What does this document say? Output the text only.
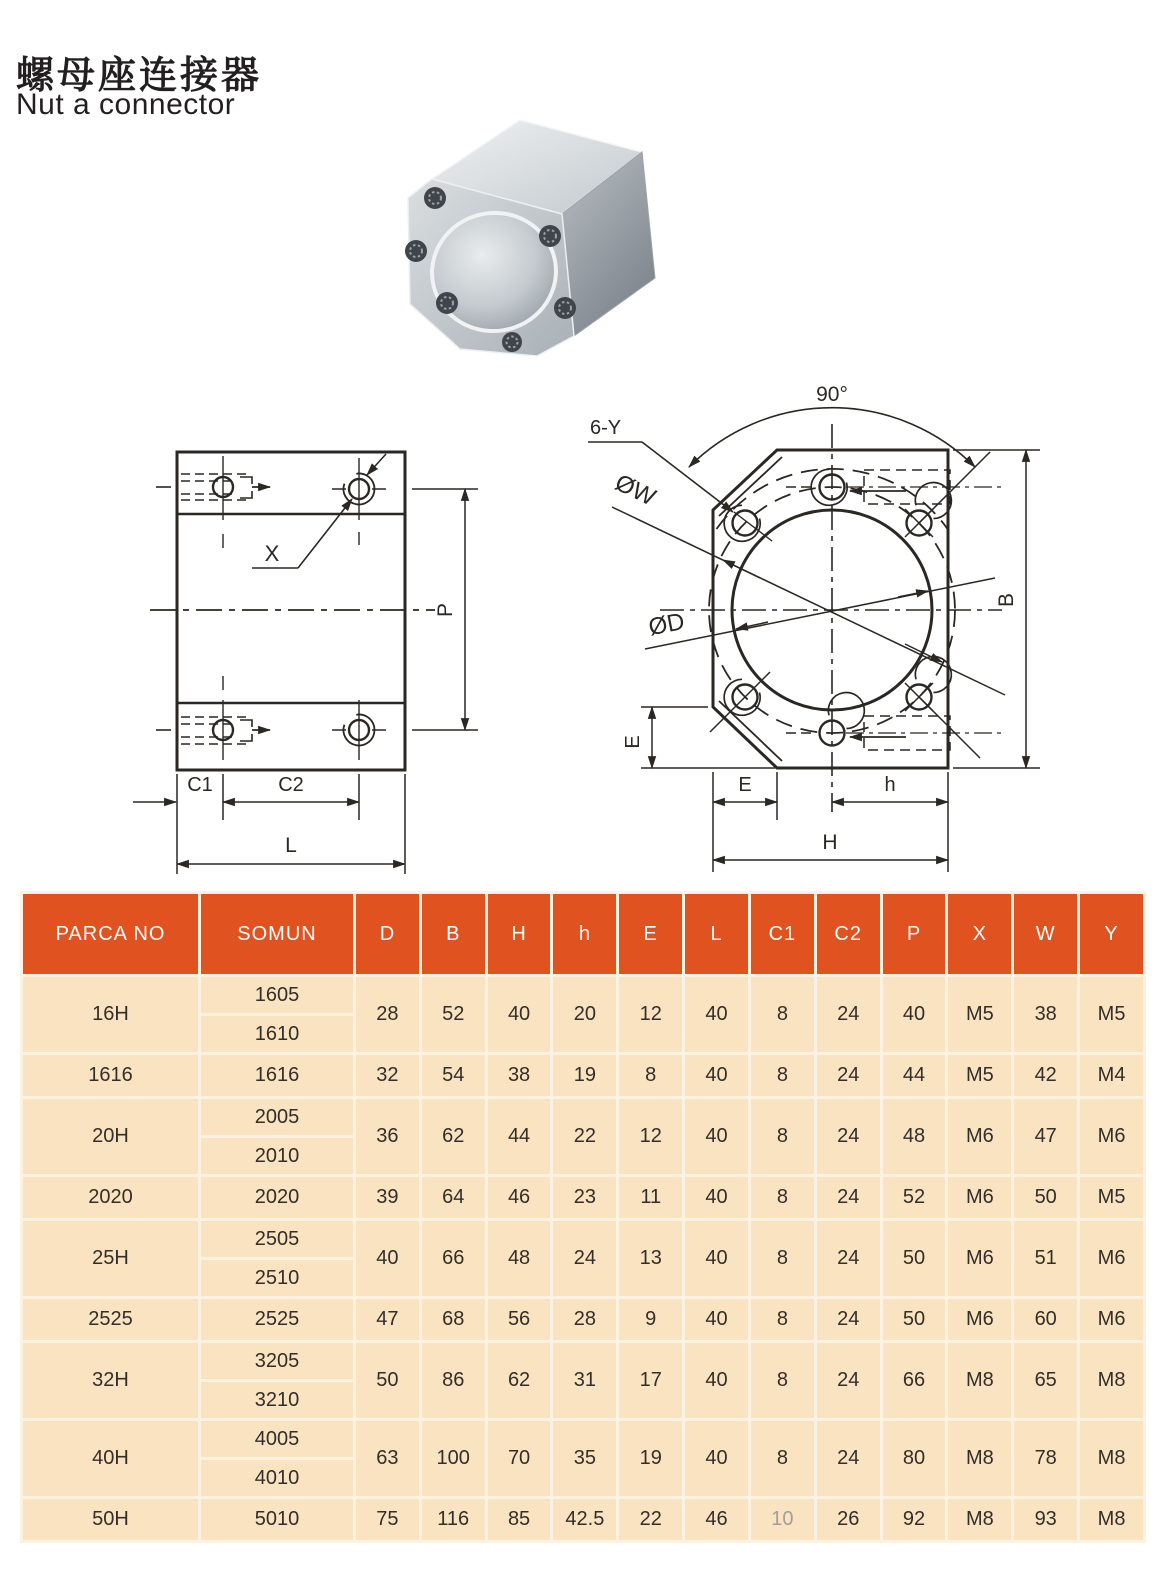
螺母座连接器
Nut a connector
X
P
C1	C2
L
90°
6-Y
ØW
ØD
B
E
E	h
H
PARCA NO	SOMUN	D	B	H	h	E	L	C1	C2	P	X	W	Y
16H	1605	28	52	40	20	12	40	8	24	40	M5	38	M5
	1610												
1616	1616	32	54	38	19	8	40	8	24	44	M5	42	M4
20H	2005	36	62	44	22	12	40	8	24	48	M6	47	M6
	2010												
2020	2020	39	64	46	23	11	40	8	24	52	M6	50	M5
25H	2505	40	66	48	24	13	40	8	24	50	M6	51	M6
	2510												
2525	2525	47	68	56	28	9	40	8	24	50	M6	60	M6
32H	3205	50	86	62	31	17	40	8	24	66	M8	65	M8
	3210												
40H	4005	63	100	70	35	19	40	8	24	80	M8	78	M8
	4010												
50H	5010	75	116	85	42.5	22	46	10	26	92	M8	93	M8
